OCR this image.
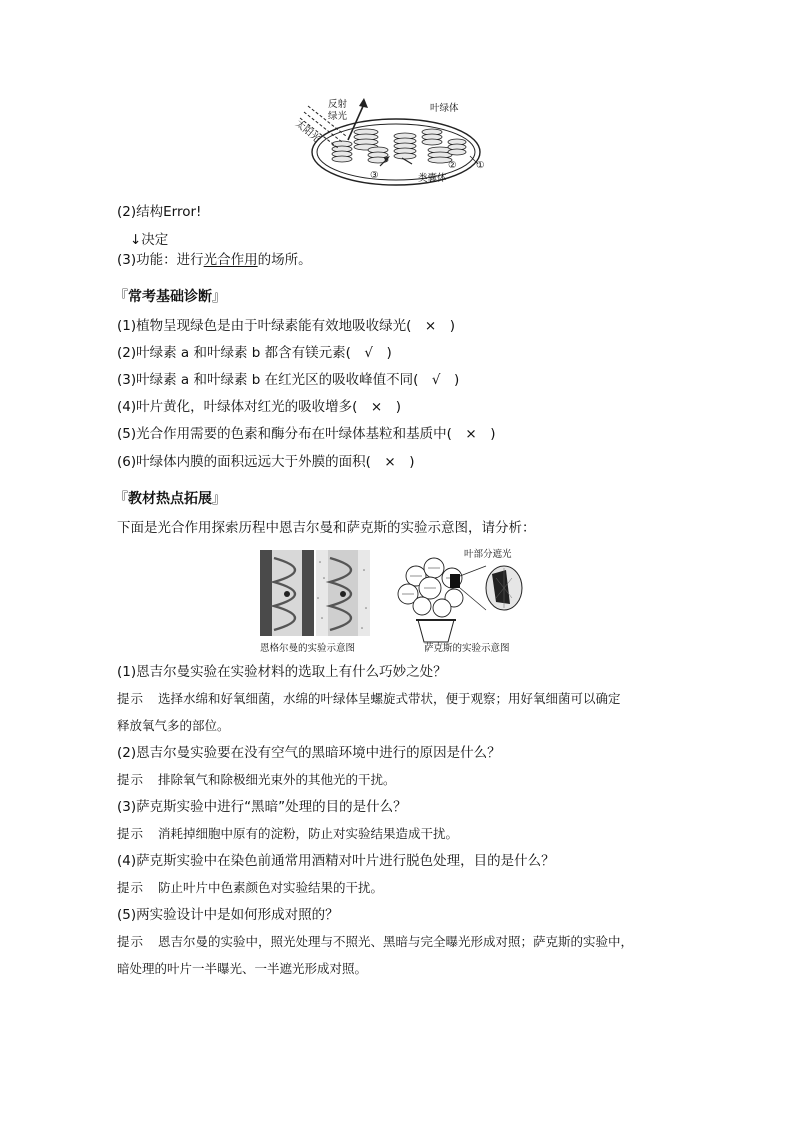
反射
绿光
太阳光
叶绿体
类囊体
①
②
③
(2)结构Error!
↓决定
(3)功能：进行光合作用的场所。
『 常考基础诊断 』
(1)植物呈现绿色是由于叶绿素能有效地吸收绿光(　×　)
(2)叶绿素 a 和叶绿素 b 都含有镁元素(　√　)
(3)叶绿素 a 和叶绿素 b 在红光区的吸收峰值不同(　√　)
(4)叶片黄化，叶绿体对红光的吸收增多(　×　)
(5)光合作用需要的色素和酶分布在叶绿体基粒和基质中(　×　)
(6)叶绿体内膜的面积远远大于外膜的面积(　×　)
『 教材热点拓展 』
下面是光合作用探索历程中恩吉尔曼和萨克斯的实验示意图，请分析：
叶部分遮光
恩格尔曼的实验示意图	萨克斯的实验示意图
(1)恩吉尔曼实验在实验材料的选取上有什么巧妙之处？
提示 选择水绵和好氧细菌，水绵的叶绿体呈螺旋式带状，便于观察；用好氧细菌可以确定
释放氧气多的部位。
(2)恩吉尔曼实验要在没有空气的黑暗环境中进行的原因是什么？
提示 排除氧气和除极细光束外的其他光的干扰。
(3)萨克斯实验中进行“黑暗”处理的目的是什么？
提示 消耗掉细胞中原有的淀粉，防止对实验结果造成干扰。
(4)萨克斯实验中在染色前通常用酒精对叶片进行脱色处理，目的是什么？
提示 防止叶片中色素颜色对实验结果的干扰。
(5)两实验设计中是如何形成对照的？
提示 恩吉尔曼的实验中，照光处理与不照光、黑暗与完全曝光形成对照；萨克斯的实验中，
暗处理的叶片一半曝光、一半遮光形成对照。
